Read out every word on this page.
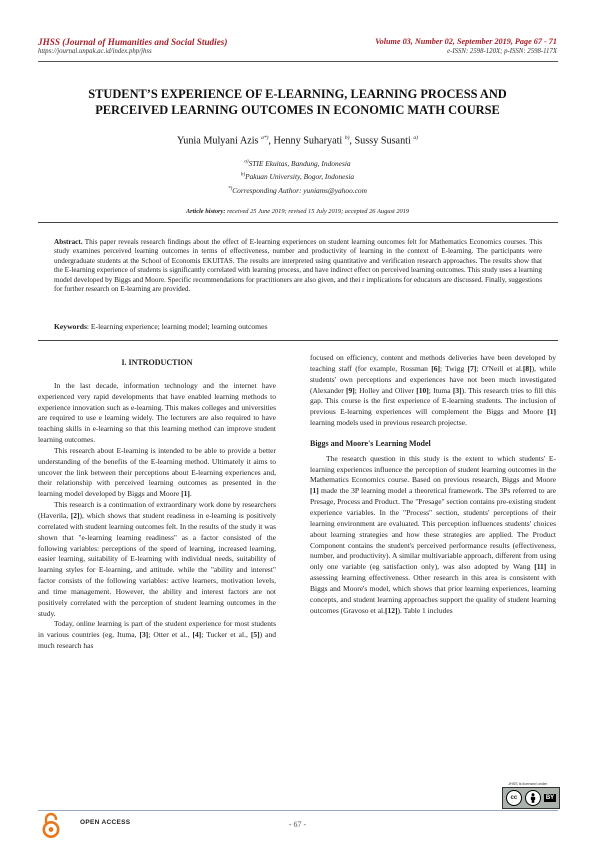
JHSS (Journal of Humanities and Social Studies)
https://journal.unpak.ac.id/index.php/jhss
Volume 03, Number 02, September 2019, Page 67 - 71
e-ISSN: 2598-120X; p-ISSN: 2598-117X
STUDENT’S EXPERIENCE OF E-LEARNING, LEARNING PROCESS AND
PERCEIVED LEARNING OUTCOMES IN ECONOMIC MATH COURSE
Yunia Mulyani Azis $^{a*)}$, Henny Suharyati $^{b)}$, Sussy Susanti $^{a)}$
$^{a)}$STIE Ekuitas, Bandung, Indonesia
$^{b)}$Pakuan University, Bogor, Indonesia
*)Corresponding Author: yuniams@yahoo.com
Article history: received 25 June 2019; revised 15 July 2019; accepted 26 August 2019
Abstract. This paper reveals research findings about the effect of E-learning experiences on student learning outcomes felt for Mathematics Economics courses. This study examines perceived learning outcomes in terms of effectiveness, number and productivity of learning in the context of E-learning. The participants were undergraduate students at the School of Economis EKUITAS. The results are interpreted using quantitative and verification research approaches. The results show that the E-learning experience of students is significantly correlated with learning process, and have indirect effect on perceived learning outcomes. This study uses a learning model developed by Biggs and Moore. Specific recommendations for practitioners are also given, and thei r implications for educators are discussed. Finally, suggestions for further research on E-learning are provided.
Keywords: E-learning experience; learning model; learning outcomes
I. INTRODUCTION

In the last decade, information technology and the internet have experienced very rapid developments that have enabled learning methods to experience innovation such as e-learning. This makes colleges and universities are required to use e learning widely. The lecturers are also required to have teaching skills in e-learning so that this learning method can improve student learning outcomes.

This research about E-learning is intended to be able to provide a better understanding of the benefits of the E-learning method. Ultimately it aims to uncover the link between their perceptions about E-learning experiences and, their relationship with perceived learning outcomes as presented in the learning model developed by Biggs and Moore [1].

This research is a continuation of extraordinary work done by researchers (Haverila, [2]), which shows that student readiness in e-learning is positively correlated with student learning outcomes felt. In the results of the study it was shown that "e-learning learning readiness" as a factor consisted of the following variables: perceptions of the speed of learning, increased learning, easier learning, suitability of E-learning with individual needs, suitability of learning styles for E-learning, and attitude. while the "ability and interest" factor consists of the following variables: active learners, motivation levels, and time management. However, the ability and interest factors are not positively correlated with the perception of student learning outcomes in the study.

Today, online learning is part of the student experience for most students in various countries (eg, Ituma, [3]; Otter et al., [4]; Tucker et al., [5]) and much research has

focused on efficiency, content and methods deliveries have been developed by teaching staff (for example, Rossman [6]; Twigg [7]; O'Neill et al.[8]), while students' own perceptions and experiences have not been much investigated (Alexander [9]; Holley and Oliver [10]; Ituma [3]). This research tries to fill this gap. This course is the first experience of E-learning students. The inclusion of previous E-learning experiences will complement the Biggs and Moore [1] learning models used in previous research projectse.

Biggs and Moore's Learning Model

The research question in this study is the extent to which students' E-learning experiences influence the perception of student learning outcomes in the Mathematics Economics course. Based on previous research, Biggs and Moore [1] made the 3P learning model a theoretical framework. The 3Ps referred to are Presage, Process and Product. The "Presage" section contains pre-existing student experience variables. In the "Process" section, students' perceptions of their learning environment are evaluated. This perception influences students' choices about learning strategies and how these strategies are applied. The Product Component contains the student's perceived performance results (effectiveness, number, and productivity). A similar multivariable approach, different from using only one variable (eg satisfaction only), was also adopted by Wang [11] in assessing learning effectiveness. Other research in this area is consistent with Biggs and Moore's model, which shows that prior learning experiences, learning concepts, and student learning approaches support the quality of student learning outcomes (Gravoso et al.[12]). Table 1 includes

JHSS is licensed under
cc	BY
OPEN ACCESS	- 67 -
